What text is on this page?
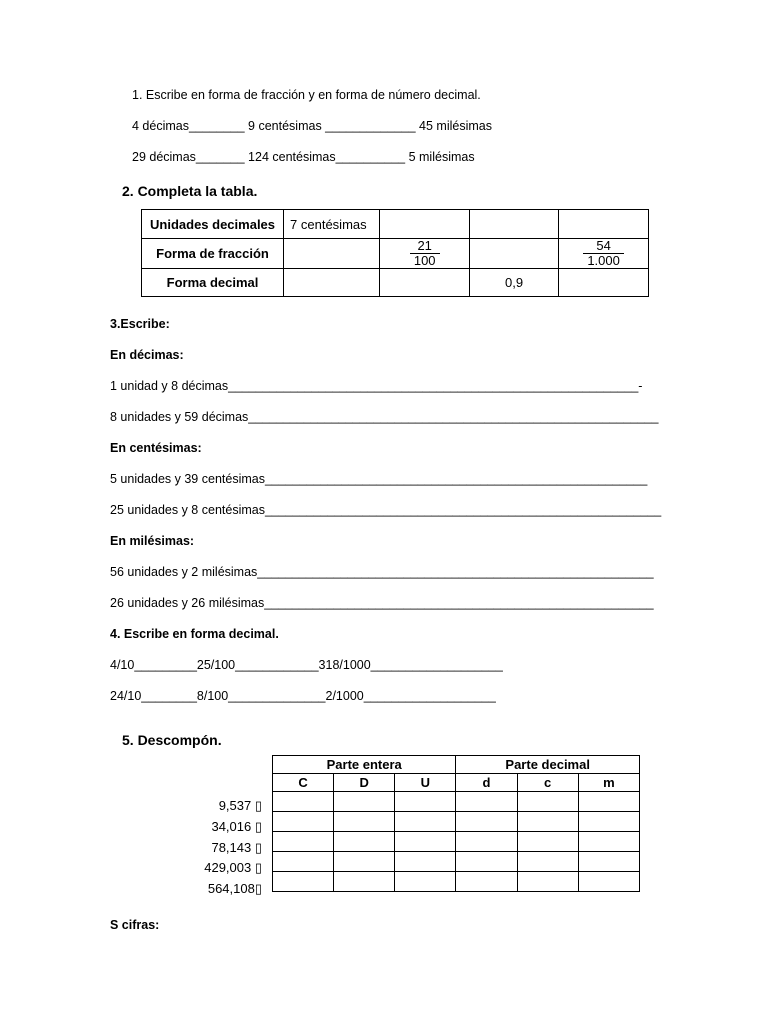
1. Escribe en forma de fracción y en forma de número decimal.
4 décimas________ 9 centésimas _____________ 45 milésimas
29 décimas_______ 124 centésimas__________ 5 milésimas
2. Completa la tabla.
Unidades decimales	7 centésimas			
Forma de fracción		$\frac{21}{100}$		$\frac{54}{1.000}$

Forma decimal			0,9	
3.Escribe:
En décimas:
1 unidad y 8 décimas___________________________________________________________-
8 unidades y 59 décimas___________________________________________________________
En centésimas:
5 unidades y 39 centésimas_______________________________________________________
25 unidades y 8 centésimas_________________________________________________________
En milésimas:
56 unidades y 2 milésimas_________________________________________________________
26 unidades y 26 milésimas________________________________________________________
4. Escribe en forma decimal.
4/10_________25/100____________318/1000___________________
24/10________8/100______________2/1000___________________
5. Descompón.
9,537 ▯
34,016 ▯
78,143 ▯
429,003 ▯
564,108▯
Parte entera			Parte decimal		
C	D	U	d	c	m

S cifras:
